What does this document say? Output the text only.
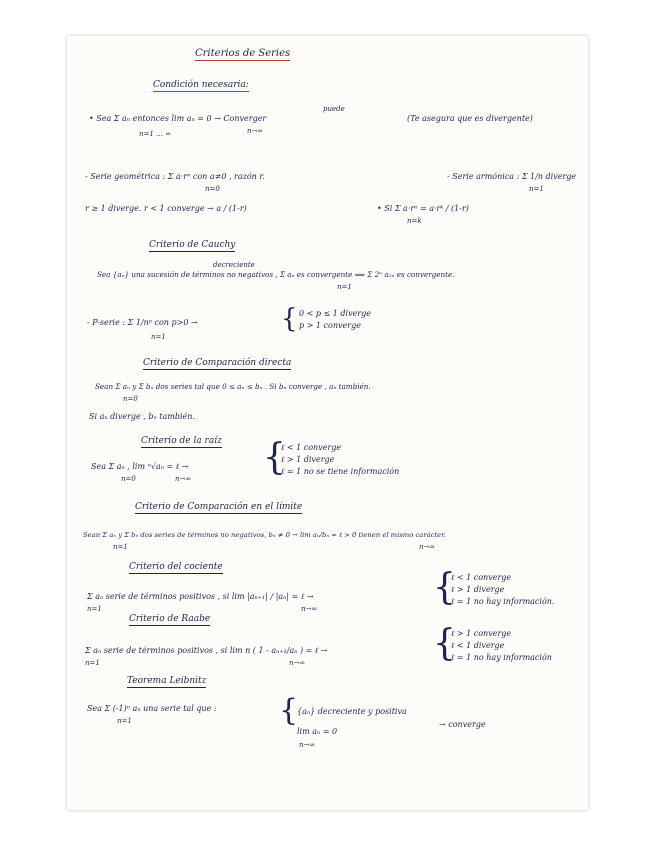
Criterios de Series
Condición necesaria:
puede
• Sea Σ aₙ entonces lim aₙ = 0 → Converger
n=1 … ∞	n→∞
(Te asegura que es divergente)
- Serie geométrica : Σ a·rⁿ con a≠0 , razón r.
n=0
- Serie armónica : Σ 1/n diverge
n=1
r ≥ 1 diverge. r < 1 converge → a / (1-r)	• Si Σ a·rⁿ = a·rᵏ / (1-r)
n=k
Criterio de Cauchy
decreciente
Sea {aₙ} una sucesión de términos no negativos , Σ aₙ es convergente ⟺ Σ 2ⁿ a₂ₙ es convergente.
n=1
- P-serie : Σ 1/nᵖ con p>0 →
n=1
{ 0 < p ≤ 1 diverge
p > 1 converge
Criterio de Comparación directa
Sean Σ aₙ y Σ bₙ dos series tal que 0 ≤ aₙ ≤ bₙ . Si bₙ converge , aₙ también.
n=0
Si aₙ diverge , bₙ también.
Criterio de la raíz
Sea Σ aₙ , lim ⁿ√aₙ = ℓ →
n=0	n→∞
{
ℓ < 1 converge
ℓ > 1 diverge
ℓ = 1 no se tiene información
Criterio de Comparación en el límite
Sean Σ aₙ y Σ bₙ dos series de términos no negativos, bₙ ≠ 0 → lim aₙ/bₙ = ℓ > 0 tienen el mismo carácter.
n=1	n→∞
Criterio del cociente
Σ aₙ serie de términos positivos , si lim |aₙ₊₁| / |aₙ| = ℓ →
n=1	n→∞
{
ℓ < 1 converge
ℓ > 1 diverge
ℓ = 1 no hay información.
Criterio de Raabe
Σ aₙ serie de términos positivos , si lim n ( 1 - aₙ₊₁/aₙ ) = ℓ →
n=1	n→∞	{
ℓ > 1 converge
ℓ < 1 diverge
ℓ = 1 no hay información
Teorema Leibnitz
Sea Σ (-1)ⁿ aₙ una serie tal que :
n=1	{
{aₙ} decreciente y positiva
lim aₙ = 0
n→∞
→ converge
